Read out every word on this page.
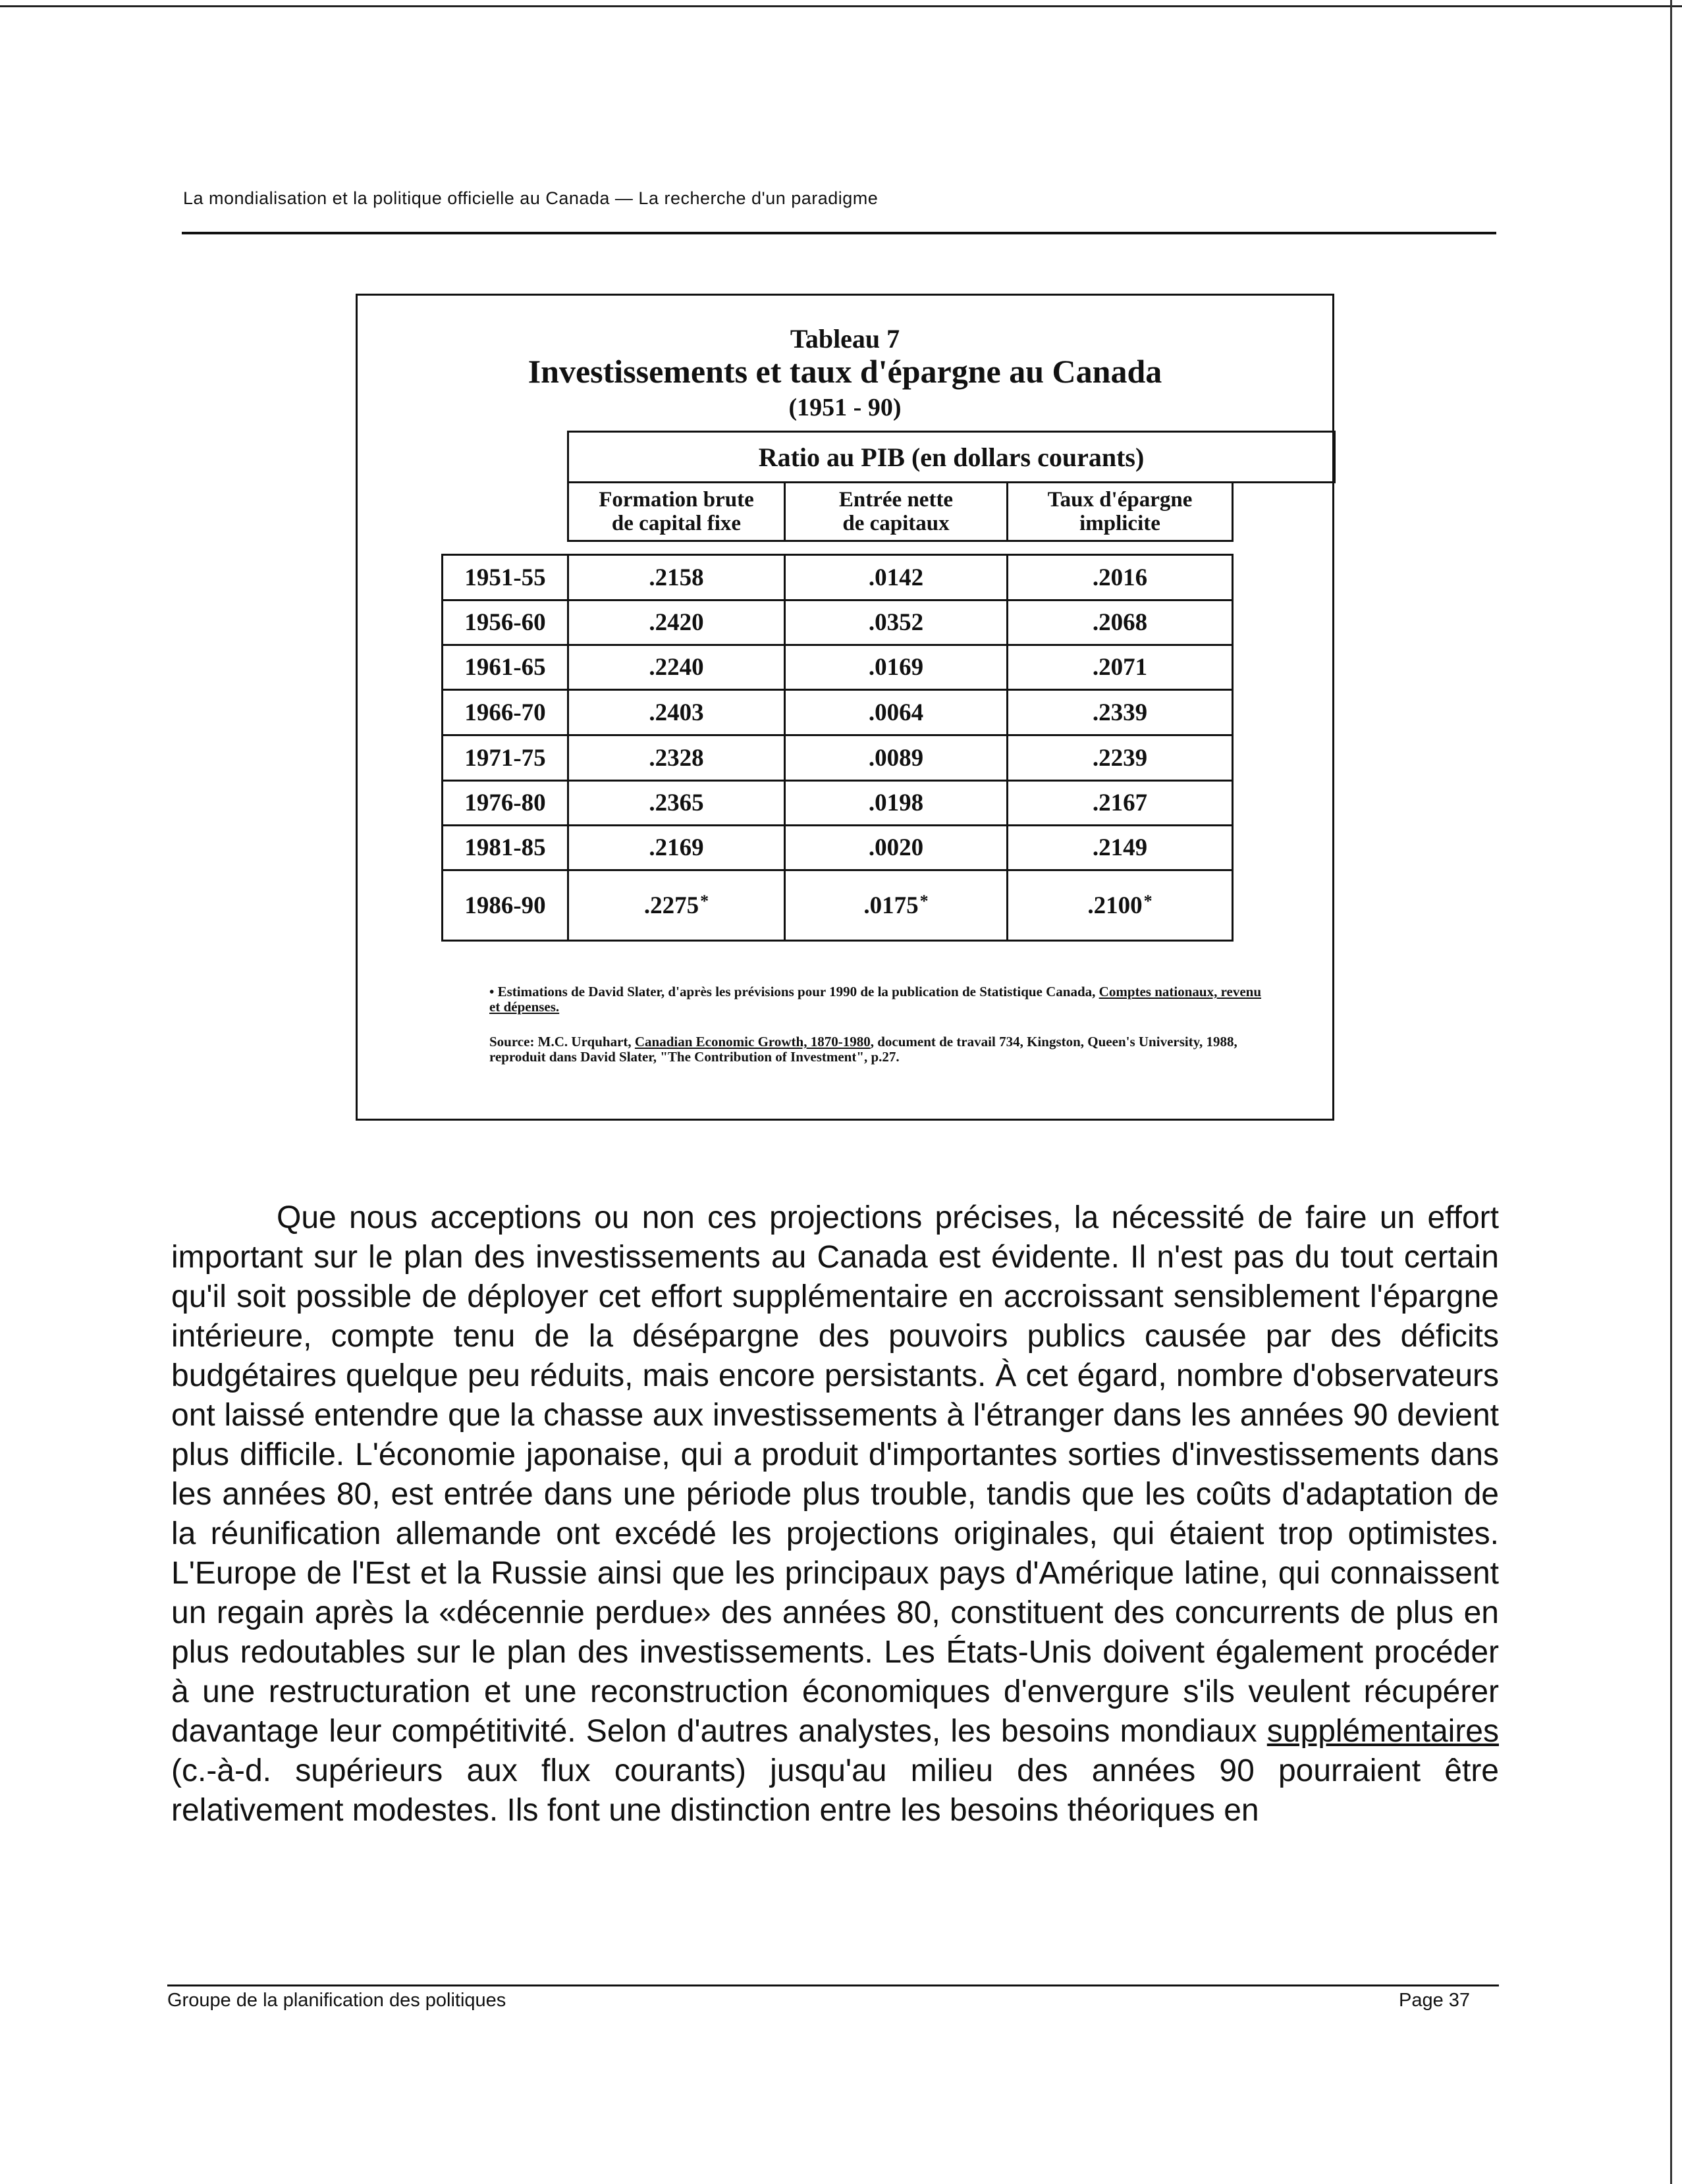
La mondialisation et la politique officielle au Canada — La recherche d'un paradigme
Tableau 7
Investissements et taux d'épargne au Canada
(1951 - 90)
Ratio au PIB (en dollars courants)
Formation brute
de capital fixe
Entrée nette
de capitaux
Taux d'épargne
implicite
1951-55	.2158	.0142	.2016
1956-60	.2420	.0352	.2068
1961-65	.2240	.0169	.2071
1966-70	.2403	.0064	.2339
1971-75	.2328	.0089	.2239
1976-80	.2365	.0198	.2167
1981-85	.2169	.0020	.2149
1986-90	.2275*	.0175*	.2100*
• Estimations de David Slater, d'après les prévisions pour 1990 de la publication de Statistique Canada, Comptes nationaux, revenu et dépenses.
Source: M.C. Urquhart, Canadian Economic Growth, 1870-1980, document de travail 734, Kingston, Queen's University, 1988, reproduit dans David Slater, "The Contribution of Investment", p.27.

Que nous acceptions ou non ces projections précises, la nécessité de faire un effort important sur le plan des investissements au Canada est évidente. Il n'est pas du tout certain qu'il soit possible de déployer cet effort supplémentaire en accroissant sensiblement l'épargne intérieure, compte tenu de la désépargne des pouvoirs publics causée par des déficits budgétaires quelque peu réduits, mais encore persistants. À cet égard, nombre d'observateurs ont laissé entendre que la chasse aux investissements à l'étranger dans les années 90 devient plus difficile. L'économie japonaise, qui a produit d'importantes sorties d'investissements dans les années 80, est entrée dans une période plus trouble, tandis que les coûts d'adaptation de la réunification allemande ont excédé les projections originales, qui étaient trop optimistes. L'Europe de l'Est et la Russie ainsi que les principaux pays d'Amérique latine, qui connaissent un regain après la «décennie perdue» des années 80, constituent des concurrents de plus en plus redoutables sur le plan des investissements. Les États-Unis doivent également procéder à une restructuration et une reconstruction économiques d'envergure s'ils veulent récupérer davantage leur compétitivité. Selon d'autres analystes, les besoins mondiaux supplémentaires (c.-à-d. supérieurs aux flux courants) jusqu'au milieu des années 90 pourraient être relativement modestes. Ils font une distinction entre les besoins théoriques en

Groupe de la planification des politiques	Page 37
